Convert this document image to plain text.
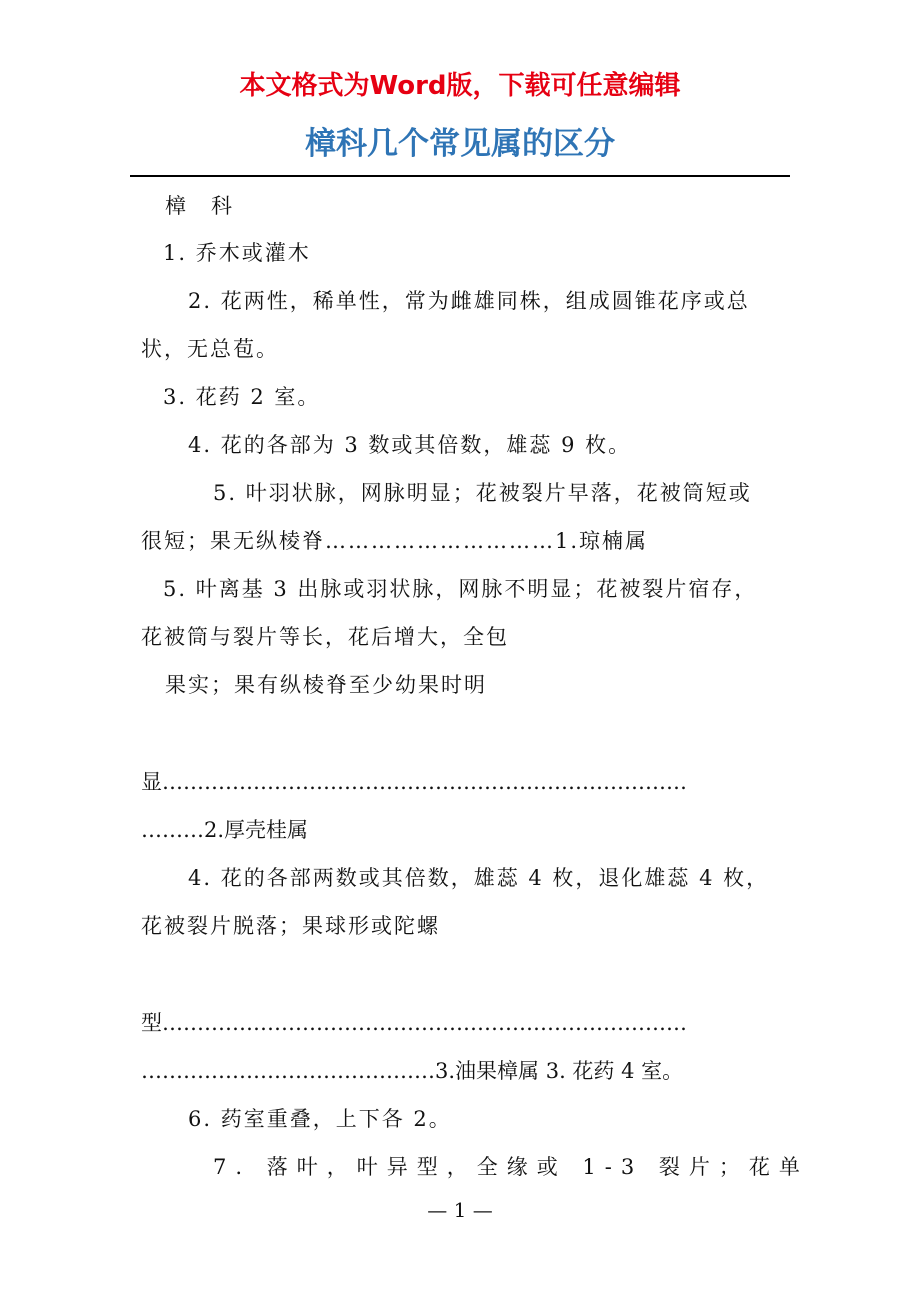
本文格式为Word版，下载可任意编辑
樟科几个常见属的区分
樟　科
1. 乔木或灌木
2. 花两性，稀单性，常为雌雄同株，组成圆锥花序或总
状，无总苞。
3. 花药 2 室。
4. 花的各部为 3 数或其倍数，雄蕊 9 枚。
5. 叶羽状脉，网脉明显；花被裂片早落，花被筒短或
很短；果无纵棱脊…………………………1.琼楠属
5. 叶离基 3 出脉或羽状脉，网脉不明显；花被裂片宿存，
花被筒与裂片等长，花后增大，全包
果实；果有纵棱脊至少幼果时明
显…………………………………………………………………
………2.厚壳桂属
4. 花的各部两数或其倍数，雄蕊 4 枚，退化雄蕊 4 枚，
花被裂片脱落；果球形或陀螺
型…………………………………………………………………
……………………………………3.油果樟属 3. 花药 4 室。
6. 药室重叠，上下各 2。
7. 落叶，叶异型，全缘或 1-3 裂片；花单
— 1 —
